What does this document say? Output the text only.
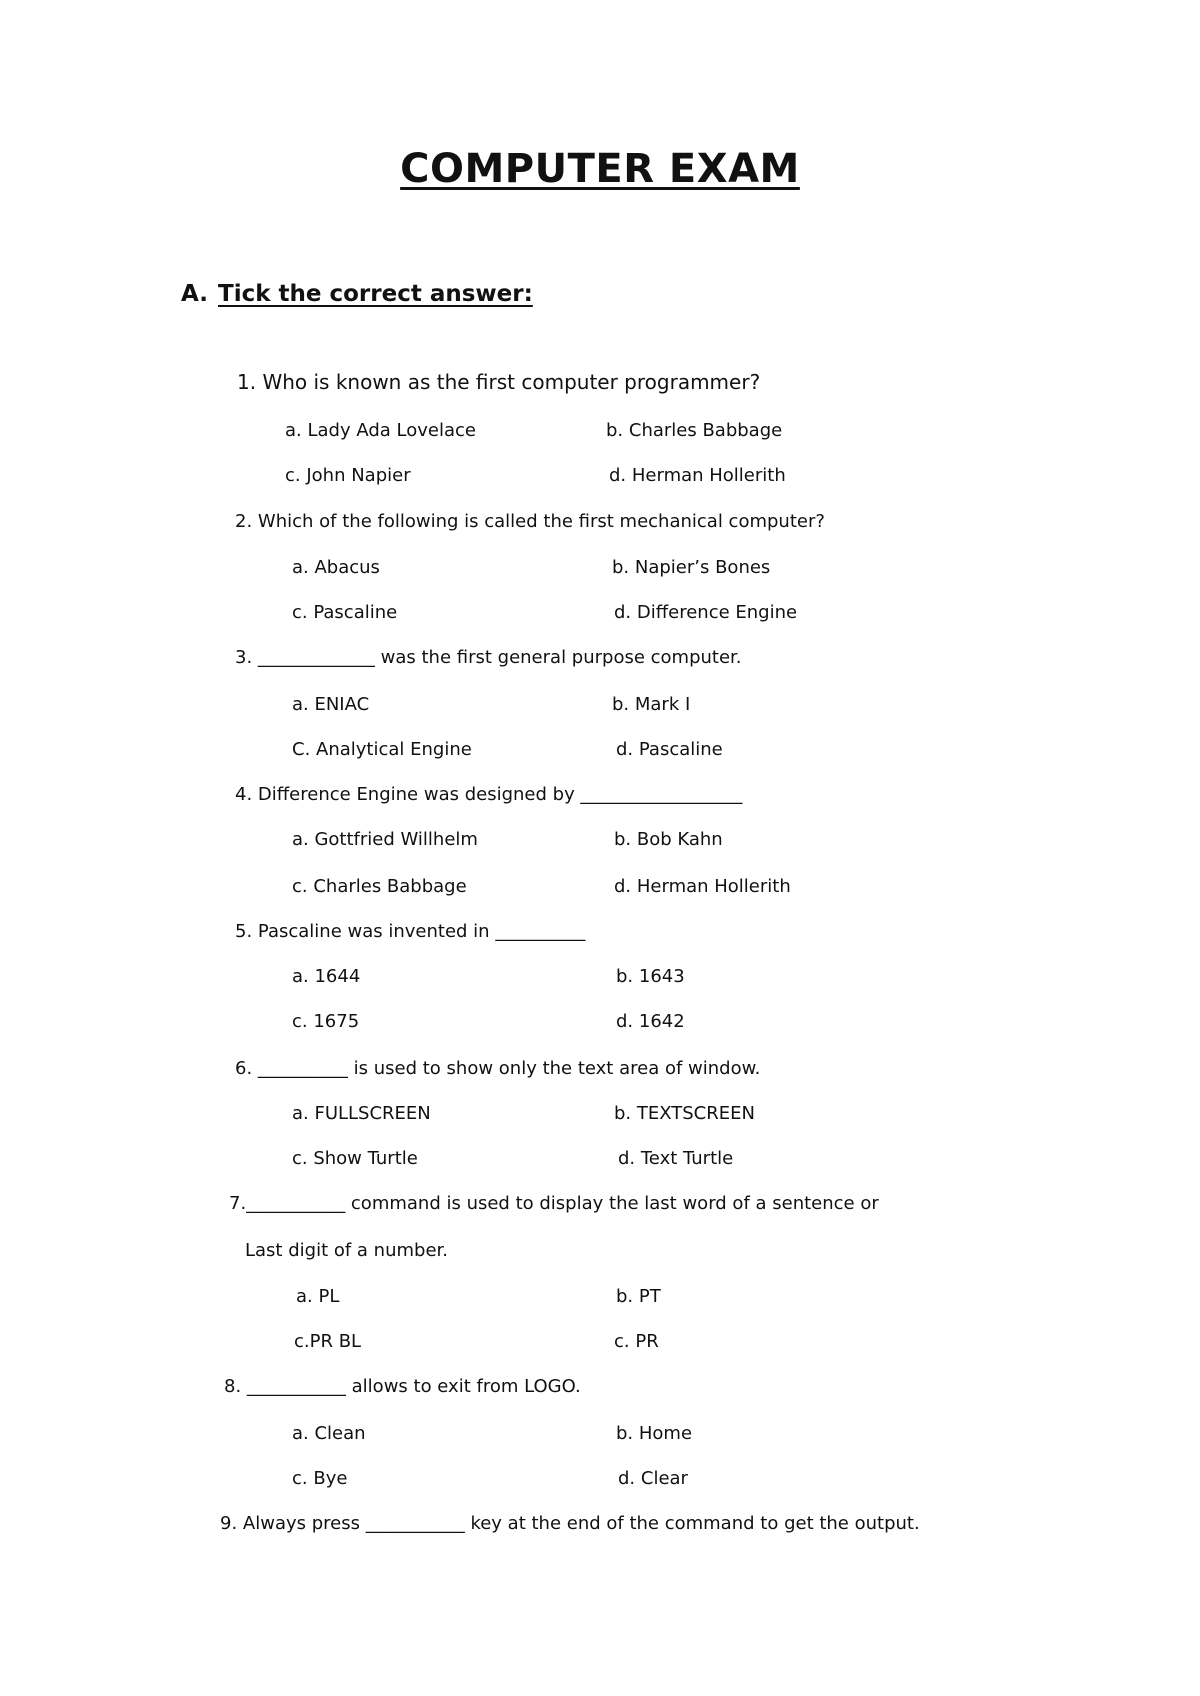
COMPUTER EXAM
A. Tick the correct answer:

1. Who is known as the first computer programmer?

a. Lady Ada Lovelace	b. Charles Babbage
c. John Napier	d. Herman Hollerith

2. Which of the following is called the first mechanical computer?

a. Abacus	b. Napier’s Bones
c. Pascaline	d. Difference Engine

3. _____________ was the first general purpose computer.

a. ENIAC	b. Mark I
C. Analytical Engine	d. Pascaline

4. Difference Engine was designed by __________________

a. Gottfried Willhelm	b. Bob Kahn
c. Charles Babbage	d. Herman Hollerith

5. Pascaline was invented in __________

a. 1644	b. 1643
c. 1675	d. 1642

6. __________ is used to show only the text area of window.

a. FULLSCREEN	b. TEXTSCREEN
c. Show Turtle	d. Text Turtle

7.___________ command is used to display the last word of a sentence or

Last digit of a number.

a. PL	b. PT
c.PR BL	c. PR

8. ___________ allows to exit from LOGO.

a. Clean	b. Home
c. Bye	d. Clear

9. Always press ___________ key at the end of the command to get the output.
